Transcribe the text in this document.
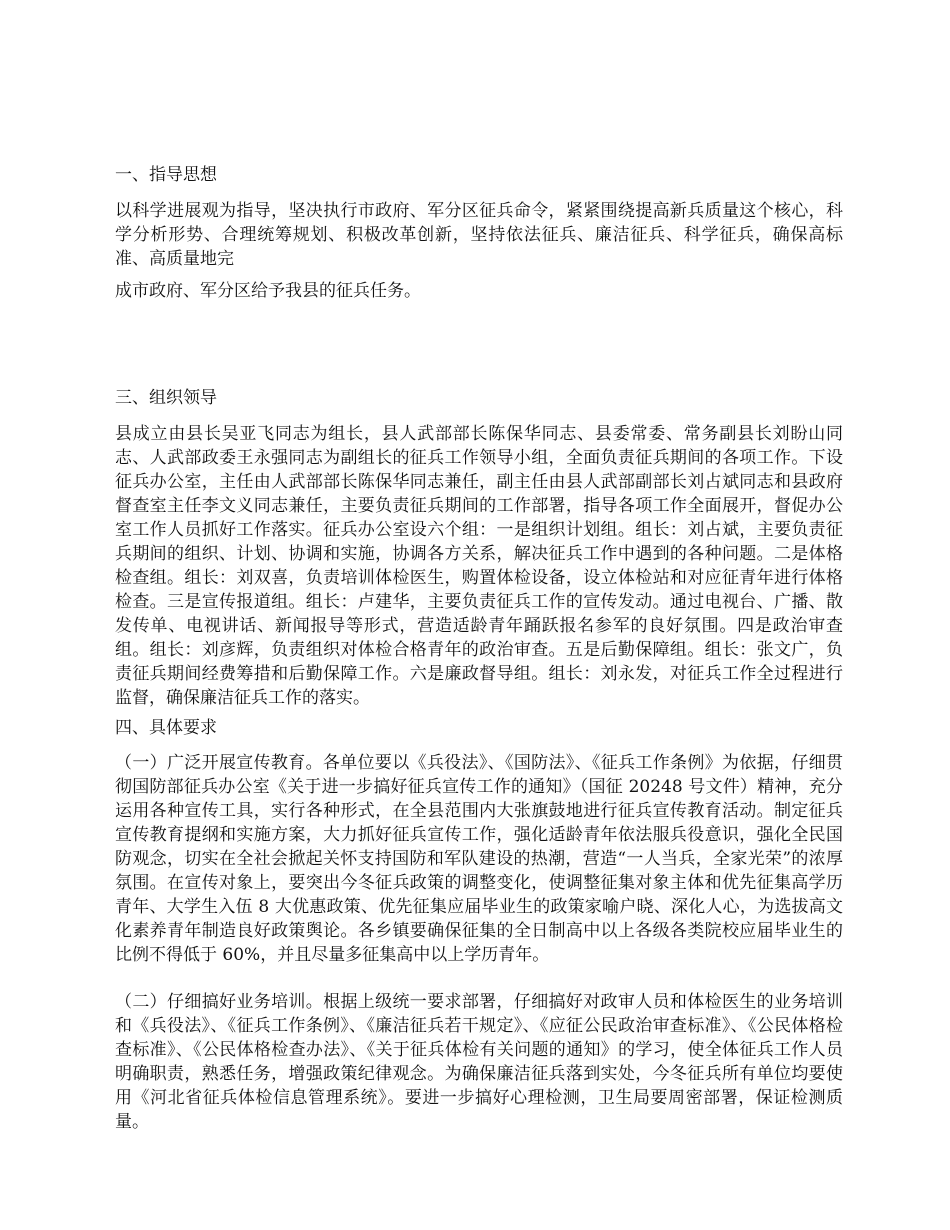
一、指导思想

以科学进展观为指导，坚决执行市政府、军分区征兵命令，紧紧围绕提高新兵质量这个核心，科学分析形势、合理统筹规划、积极改革创新，坚持依法征兵、廉洁征兵、科学征兵，确保高标准、高质量地完

成市政府、军分区给予我县的征兵任务。

三、组织领导

县成立由县长吴亚飞同志为组长，县人武部部长陈保华同志、县委常委、常务副县长刘盼山同志、人武部政委王永强同志为副组长的征兵工作领导小组，全面负责征兵期间的各项工作。下设征兵办公室，主任由人武部部长陈保华同志兼任，副主任由县人武部副部长刘占斌同志和县政府督查室主任李文义同志兼任，主要负责征兵期间的工作部署，指导各项工作全面展开，督促办公室工作人员抓好工作落实。征兵办公室设六个组：一是组织计划组。组长：刘占斌，主要负责征兵期间的组织、计划、协调和实施，协调各方关系，解决征兵工作中遇到的各种问题。二是体格检查组。组长：刘双喜，负责培训体检医生，购置体检设备，设立体检站和对应征青年进行体格检查。三是宣传报道组。组长：卢建华，主要负责征兵工作的宣传发动。通过电视台、广播、散发传单、电视讲话、新闻报导等形式，营造适龄青年踊跃报名参军的良好氛围。四是政治审查组。组长：刘彦辉，负责组织对体检合格青年的政治审查。五是后勤保障组。组长：张文广，负责征兵期间经费筹措和后勤保障工作。六是廉政督导组。组长：刘永发，对征兵工作全过程进行监督，确保廉洁征兵工作的落实。

四、具体要求

（一）广泛开展宣传教育。各单位要以《兵役法》、《国防法》、《征兵工作条例》为依据，仔细贯彻国防部征兵办公室《关于进一步搞好征兵宣传工作的通知》（国征 20248 号文件）精神，充分运用各种宣传工具，实行各种形式，在全县范围内大张旗鼓地进行征兵宣传教育活动。制定征兵宣传教育提纲和实施方案，大力抓好征兵宣传工作，强化适龄青年依法服兵役意识，强化全民国防观念，切实在全社会掀起关怀支持国防和军队建设的热潮，营造“一人当兵，全家光荣”的浓厚氛围。在宣传对象上，要突出今冬征兵政策的调整变化，使调整征集对象主体和优先征集高学历青年、大学生入伍 8 大优惠政策、优先征集应届毕业生的政策家喻户晓、深化人心，为选拔高文化素养青年制造良好政策舆论。各乡镇要确保征集的全日制高中以上各级各类院校应届毕业生的比例不得低于 60%，并且尽量多征集高中以上学历青年。

（二）仔细搞好业务培训。根据上级统一要求部署，仔细搞好对政审人员和体检医生的业务培训和《兵役法》、《征兵工作条例》、《廉洁征兵若干规定》、《应征公民政治审查标准》、《公民体格检查标准》、《公民体格检查办法》、《关于征兵体检有关问题的通知》的学习，使全体征兵工作人员明确职责，熟悉任务，增强政策纪律观念。为确保廉洁征兵落到实处，今冬征兵所有单位均要使用《河北省征兵体检信息管理系统》。要进一步搞好心理检测，卫生局要周密部署，保证检测质量。
